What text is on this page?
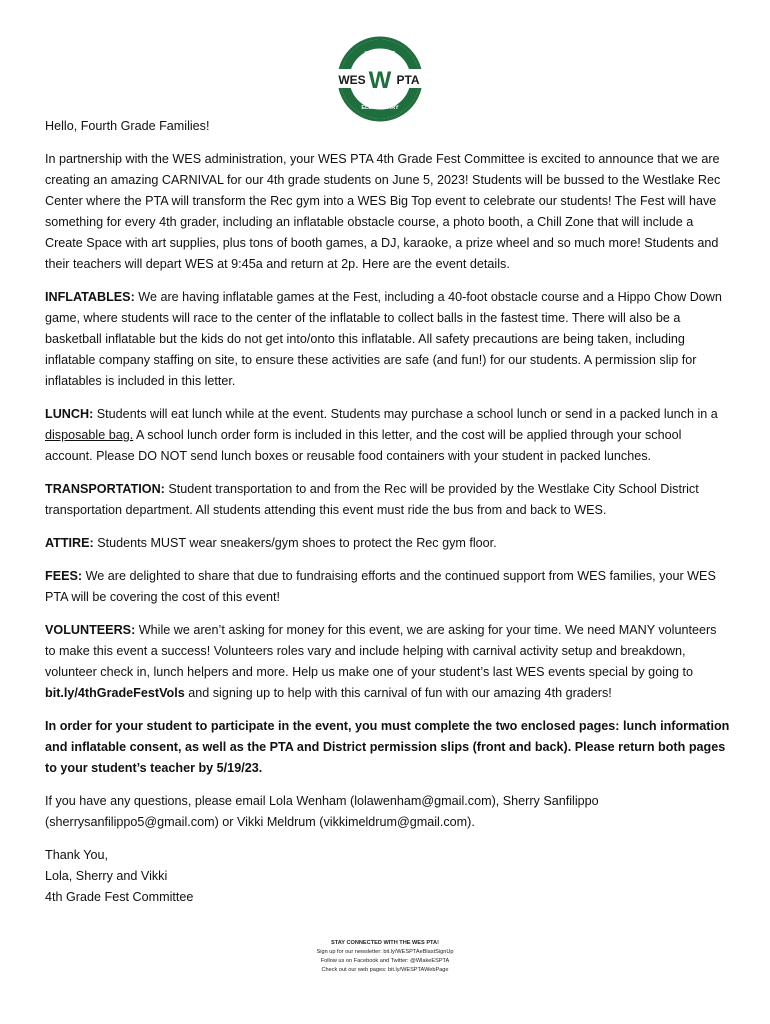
WESTLAKE
ELEMENTARY
WES W PTA

Hello, Fourth Grade Families!

In partnership with the WES administration, your WES PTA 4th Grade Fest Committee is excited to announce that we are creating an amazing CARNIVAL for our 4th grade students on June 5, 2023! Students will be bussed to the Westlake Rec Center where the PTA will transform the Rec gym into a WES Big Top event to celebrate our students! The Fest will have something for every 4th grader, including an inflatable obstacle course, a photo booth, a Chill Zone that will include a Create Space with art supplies, plus tons of booth games, a DJ, karaoke, a prize wheel and so much more! Students and their teachers will depart WES at 9:45a and return at 2p. Here are the event details.

INFLATABLES: We are having inflatable games at the Fest, including a 40-foot obstacle course and a Hippo Chow Down game, where students will race to the center of the inflatable to collect balls in the fastest time. There will also be a basketball inflatable but the kids do not get into/onto this inflatable. All safety precautions are being taken, including inflatable company staffing on site, to ensure these activities are safe (and fun!) for our students. A permission slip for inflatables is included in this letter.

LUNCH: Students will eat lunch while at the event. Students may purchase a school lunch or send in a packed lunch in a disposable bag. A school lunch order form is included in this letter, and the cost will be applied through your school account. Please DO NOT send lunch boxes or reusable food containers with your student in packed lunches.

TRANSPORTATION: Student transportation to and from the Rec will be provided by the Westlake City School District transportation department. All students attending this event must ride the bus from and back to WES.

ATTIRE: Students MUST wear sneakers/gym shoes to protect the Rec gym floor.

FEES: We are delighted to share that due to fundraising efforts and the continued support from WES families, your WES PTA will be covering the cost of this event!

VOLUNTEERS: While we aren’t asking for money for this event, we are asking for your time. We need MANY volunteers to make this event a success! Volunteers roles vary and include helping with carnival activity setup and breakdown, volunteer check in, lunch helpers and more. Help us make one of your student’s last WES events special by going to bit.ly/4thGradeFestVols and signing up to help with this carnival of fun with our amazing 4th graders!

In order for your student to participate in the event, you must complete the two enclosed pages: lunch information and inflatable consent, as well as the PTA and District permission slips (front and back). Please return both pages to your student’s teacher by 5/19/23.

If you have any questions, please email Lola Wenham (lolawenham@gmail.com), Sherry Sanfilippo (sherrysanfilippo5@gmail.com) or Vikki Meldrum (vikkimeldrum@gmail.com).

Thank You,
Lola, Sherry and Vikki
4th Grade Fest Committee

STAY CONNECTED WITH THE WES PTA!
Sign up for our newsletter: bit.ly/WESPTAeBlastSignUp
Follow us on Facebook and Twitter: @WlakeESPTA
Check out our web pages: bit.ly/WESPTAWebPage
